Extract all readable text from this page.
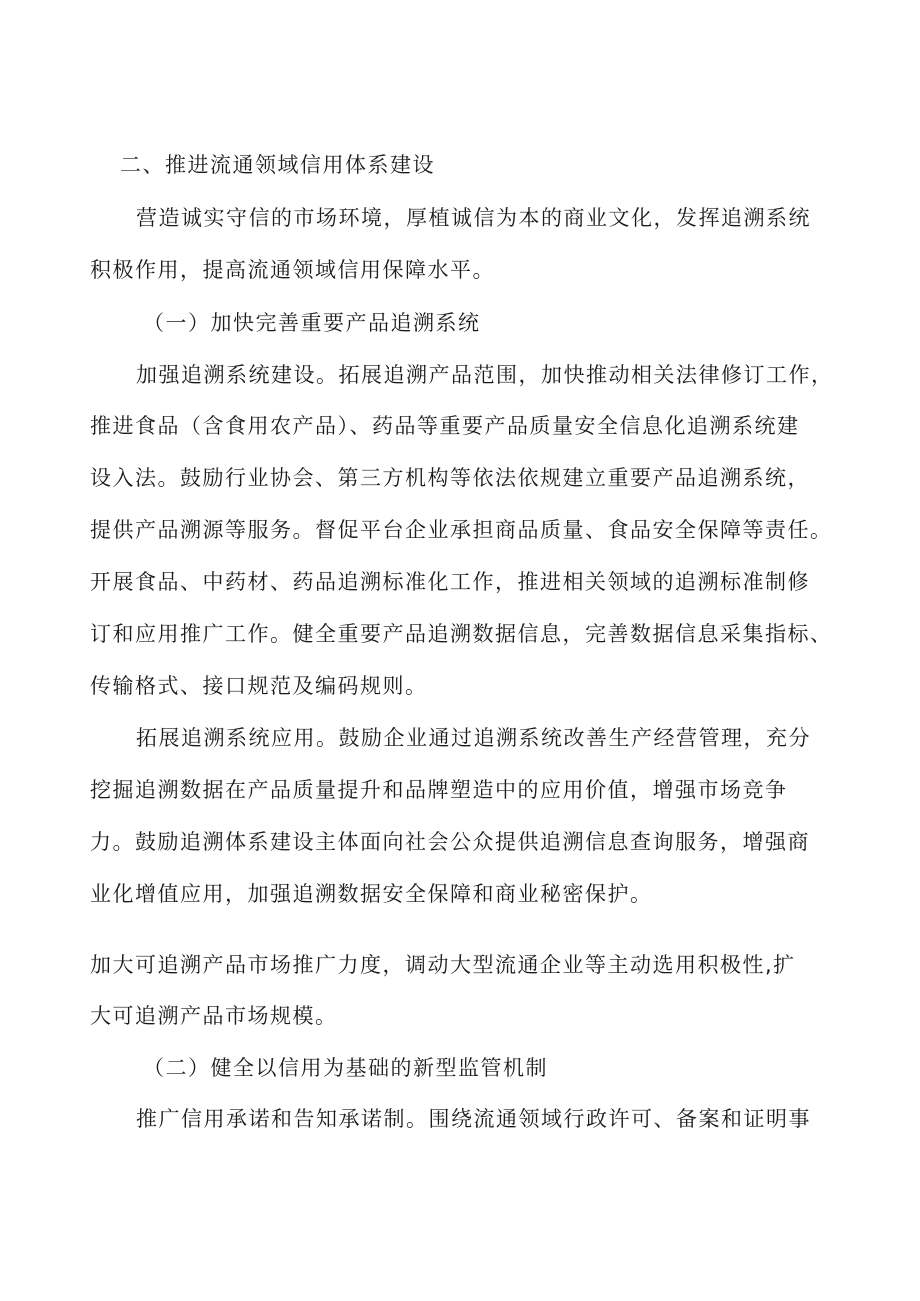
二、推进流通领域信用体系建设
营造诚实守信的市场环境，厚植诚信为本的商业文化，发挥追溯系统
积极作用，提高流通领域信用保障水平。
（一）加快完善重要产品追溯系统
加强追溯系统建设。拓展追溯产品范围，加快推动相关法律修订工作，
推进食品（含食用农产品）、药品等重要产品质量安全信息化追溯系统建
设入法。鼓励行业协会、第三方机构等依法依规建立重要产品追溯系统，
提供产品溯源等服务。督促平台企业承担商品质量、食品安全保障等责任。
开展食品、中药材、药品追溯标准化工作，推进相关领域的追溯标准制修
订和应用推广工作。健全重要产品追溯数据信息，完善数据信息采集指标、
传输格式、接口规范及编码规则。
拓展追溯系统应用。鼓励企业通过追溯系统改善生产经营管理，充分
挖掘追溯数据在产品质量提升和品牌塑造中的应用价值，增强市场竞争
力。鼓励追溯体系建设主体面向社会公众提供追溯信息查询服务，增强商
业化增值应用，加强追溯数据安全保障和商业秘密保护。
加大可追溯产品市场推广力度，调动大型流通企业等主动选用积极性,扩
大可追溯产品市场规模。
（二）健全以信用为基础的新型监管机制
推广信用承诺和告知承诺制。围绕流通领域行政许可、备案和证明事
